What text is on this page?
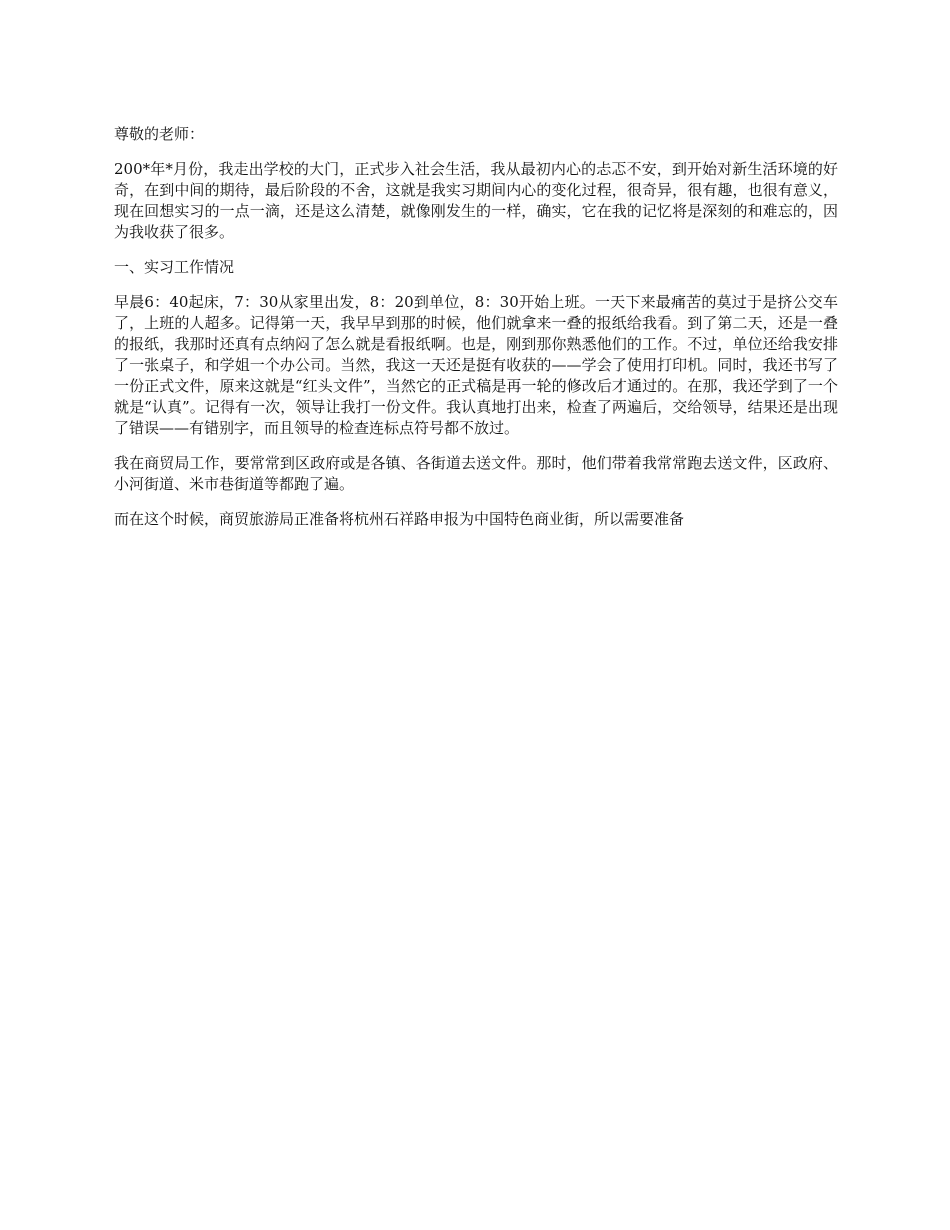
尊敬的老师：

200*年*月份，我走出学校的大门，正式步入社会生活，我从最初内心的忐忑不安，到开始对新生活环境的好奇，在到中间的期待，最后阶段的不舍，这就是我实习期间内心的变化过程，很奇异，很有趣，也很有意义，现在回想实习的一点一滴，还是这么清楚，就像刚发生的一样，确实，它在我的记忆将是深刻的和难忘的，因为我收获了很多。

一、实习工作情况

早晨6：40起床，7：30从家里出发，8：20到单位，8：30开始上班。一天下来最痛苦的莫过于是挤公交车了，上班的人超多。记得第一天，我早早到那的时候，他们就拿来一叠的报纸给我看。到了第二天，还是一叠的报纸，我那时还真有点纳闷了怎么就是看报纸啊。也是，刚到那你熟悉他们的工作。不过，单位还给我安排了一张桌子，和学姐一个办公司。当然，我这一天还是挺有收获的——学会了使用打印机。同时，我还书写了一份正式文件，原来这就是“红头文件”，当然它的正式稿是再一轮的修改后才通过的。在那，我还学到了一个就是“认真”。记得有一次，领导让我打一份文件。我认真地打出来，检查了两遍后，交给领导，结果还是出现了错误——有错别字，而且领导的检查连标点符号都不放过。

我在商贸局工作，要常常到区政府或是各镇、各街道去送文件。那时，他们带着我常常跑去送文件，区政府、小河街道、米市巷街道等都跑了遍。

而在这个时候，商贸旅游局正准备将杭州石祥路申报为中国特色商业街，所以需要准备
